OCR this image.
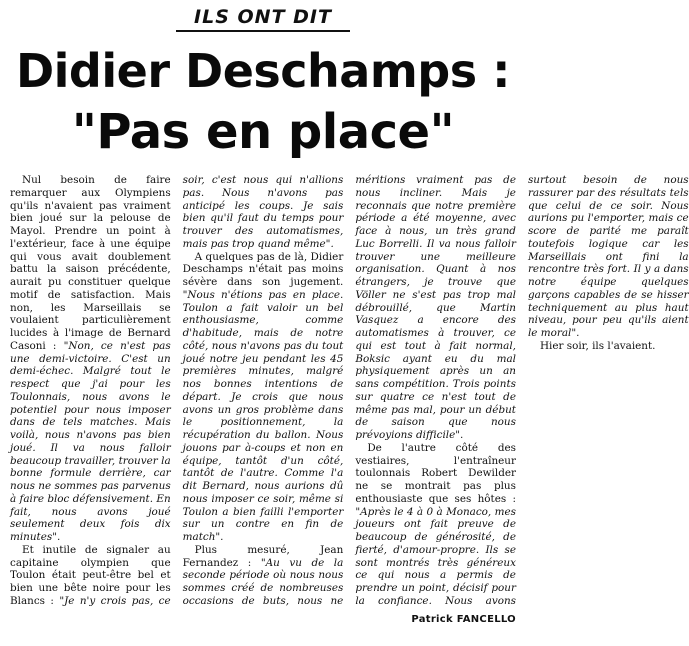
ILS ONT DIT
Didier Deschamps :
"Pas en place"

Nul besoin de faire remarquer aux Olympiens qu'ils n'avaient pas vraiment bien joué sur la pelouse de Mayol. Prendre un point à l'extérieur, face à une équipe qui vous avait doublement battu la saison précédente, aurait pu constituer quelque motif de satisfaction. Mais non, les Marseillais se voulaient particulièrement lucides à l'image de Bernard Casoni : "Non, ce n'est pas une demi-victoire. C'est un demi-échec. Malgré tout le respect que j'ai pour les Toulonnais, nous avons le potentiel pour nous imposer dans de tels matches. Mais voilà, nous n'avons pas bien joué. Il va nous falloir beaucoup travailler, trouver la bonne formule derrière, car nous ne sommes pas parvenus à faire bloc défensivement. En fait, nous avons joué seulement deux fois dix minutes".

Et inutile de signaler au capitaine olympien que Toulon était peut-être bel et bien une bête noire pour les Blancs : "Je n'y crois pas, ce soir, c'est nous qui n'allions pas. Nous n'avons pas anticipé les coups. Je sais bien qu'il faut du temps pour trouver des automatismes, mais pas trop quand même".

A quelques pas de là, Didier Deschamps n'était pas moins sévère dans son jugement. "Nous n'étions pas en place. Toulon a fait valoir un bel enthousiasme, comme d'habitude, mais de notre côté, nous n'avons pas du tout joué notre jeu pendant les 45 premières minutes, malgré nos bonnes intentions de départ. Je crois que nous avons un gros problème dans le positionnement, la récupération du ballon. Nous jouons par à-coups et non en équipe, tantôt d'un côté, tantôt de l'autre. Comme l'a dit Bernard, nous aurions dû nous imposer ce soir, même si Toulon a bien failli l'emporter sur un contre en fin de match".

Plus mesuré, Jean Fernandez : "Au vu de la seconde période où nous nous sommes créé de nombreuses occasions de buts, nous ne méritions vraiment pas de nous incliner. Mais je reconnais que notre première période a été moyenne, avec face à nous, un très grand Luc Borrelli. Il va nous falloir trouver une meilleure organisation. Quant à nos étrangers, je trouve que Völler ne s'est pas trop mal débrouillé, que Martin Vasquez a encore des automatismes à trouver, ce qui est tout à fait normal, Boksic ayant eu du mal physiquement après un an sans compétition. Trois points sur quatre ce n'est tout de même pas mal, pour un début de saison que nous prévoyions difficile".

De l'autre côté des vestiaires, l'entraîneur toulonnais Robert Dewilder ne se montrait pas plus enthousiaste que ses hôtes : "Après le 4 à 0 à Monaco, mes joueurs ont fait preuve de beaucoup de générosité, de fierté, d'amour-propre. Ils se sont montrés très généreux ce qui nous a permis de prendre un point, décisif pour la confiance. Nous avons surtout besoin de nous rassurer par des résultats tels que celui de ce soir. Nous aurions pu l'emporter, mais ce score de parité me paraît toutefois logique car les Marseillais ont fini la rencontre très fort. Il y a dans notre équipe quelques garçons capables de se hisser techniquement au plus haut niveau, pour peu qu'ils aient le moral".

Hier soir, ils l'avaient.

Patrick FANCELLO
